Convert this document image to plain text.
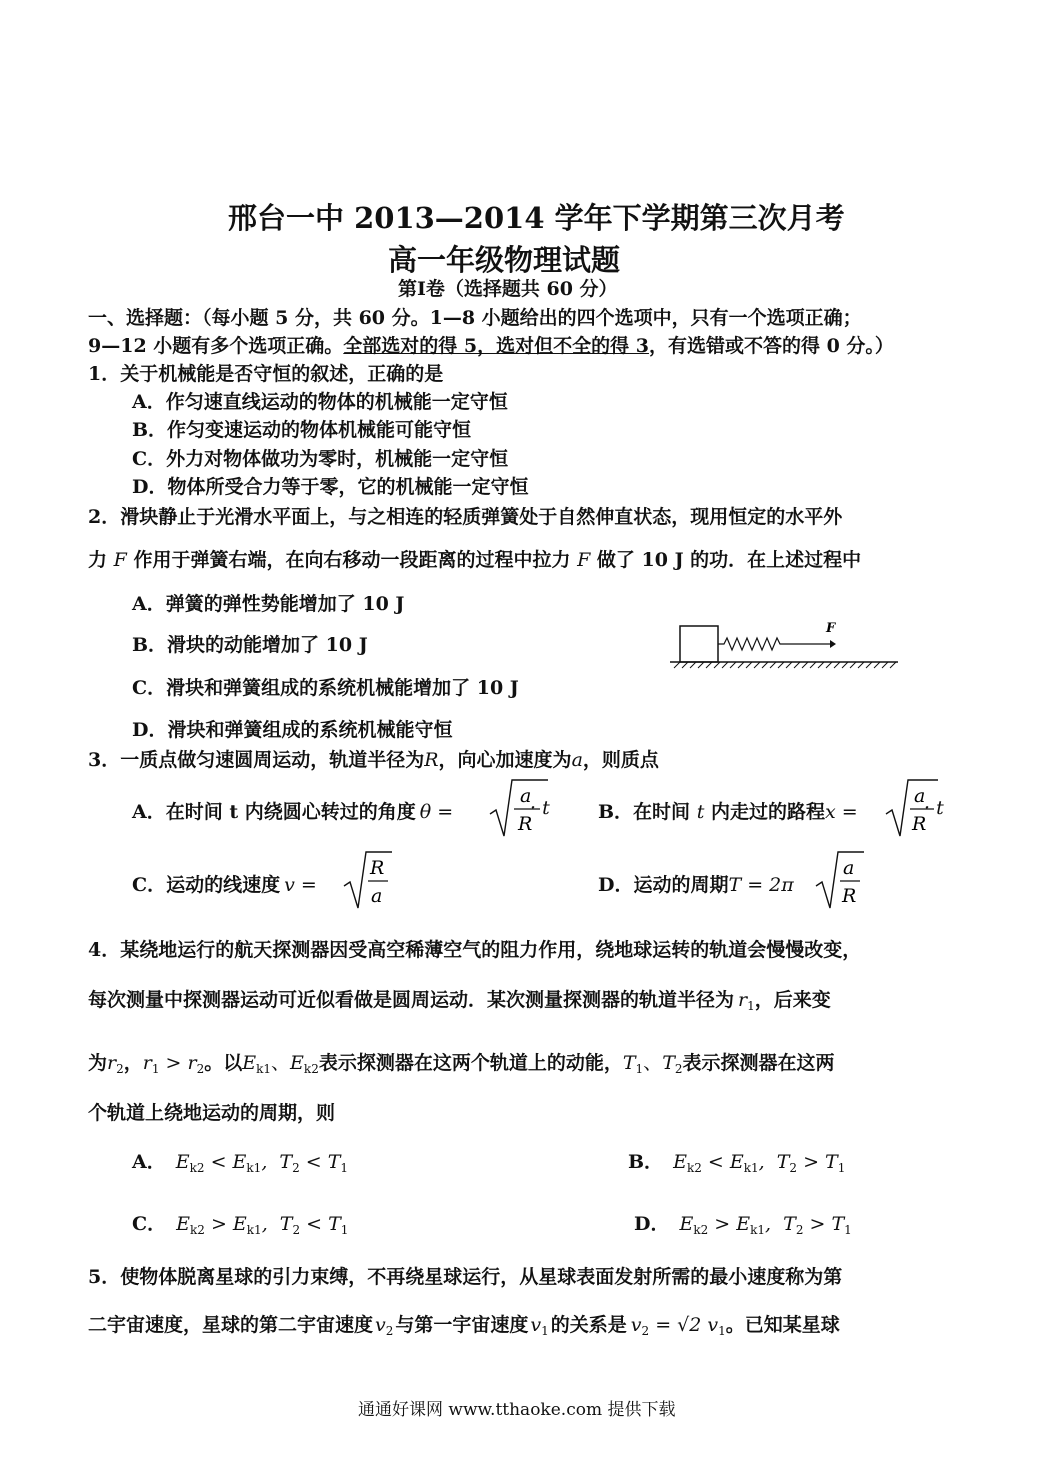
邢台一中 2013—2014 学年下学期第三次月考
高一年级物理试题
第Ⅰ卷（选择题共 60 分）
一、选择题：（每小题 5 分，共 60 分。1—8 小题给出的四个选项中，只有一个选项正确；
9—12 小题有多个选项正确。全部选对的得 5，选对但不全的得 3，有选错或不答的得 0 分。）
1．关于机械能是否守恒的叙述，正确的是
A．作匀速直线运动的物体的机械能一定守恒
B．作匀变速运动的物体机械能可能守恒
C．外力对物体做功为零时，机械能一定守恒
D．物体所受合力等于零，它的机械能一定守恒
2．滑块静止于光滑水平面上，与之相连的轻质弹簧处于自然伸直状态，现用恒定的水平外
力 F 作用于弹簧右端，在向右移动一段距离的过程中拉力 F 做了 10 J 的功．在上述过程中
A．弹簧的弹性势能增加了 10 J
B．滑块的动能增加了 10 J
C．滑块和弹簧组成的系统机械能增加了 10 J
D．滑块和弹簧组成的系统机械能守恒
F
3．一质点做匀速圆周运动，轨道半径为R，向心加速度为a，则质点
A．在时间 t 内绕圆心转过的角度 θ =
a
R
· t	B．在时间 t 内走过的路程x =
a
R
· t
C．运动的线速度 v =
R
a	D．运动的周期T = 2π
a
R
4．某绕地运行的航天探测器因受高空稀薄空气的阻力作用，绕地球运转的轨道会慢慢改变，
每次测量中探测器运动可近似看做是圆周运动．某次测量探测器的轨道半径为 $r_1$，后来变
为$r_2$，$r_1 > r_2$。以$E_{k1}$、$E_{k2}$表示探测器在这两个轨道上的动能，$T_1$、$T_2$表示探测器在这两
个轨道上绕地运动的周期，则
A． $E_{k2} < E_{k1}$,  $T_2 < T_1$	B． $E_{k2} < E_{k1}$,  $T_2 > T_1$
C． $E_{k2} > E_{k1}$,  $T_2 < T_1$	D． $E_{k2} > E_{k1}$,  $T_2 > T_1$
5．使物体脱离星球的引力束缚，不再绕星球运行，从星球表面发射所需的最小速度称为第
二宇宙速度，星球的第二宇宙速度 $v_2$ 与第一宇宙速度 $v_1$ 的关系是 $v_2 = √2$ $v_1$。已知某星球
通通好课网 www.tthaoke.com 提供下载
